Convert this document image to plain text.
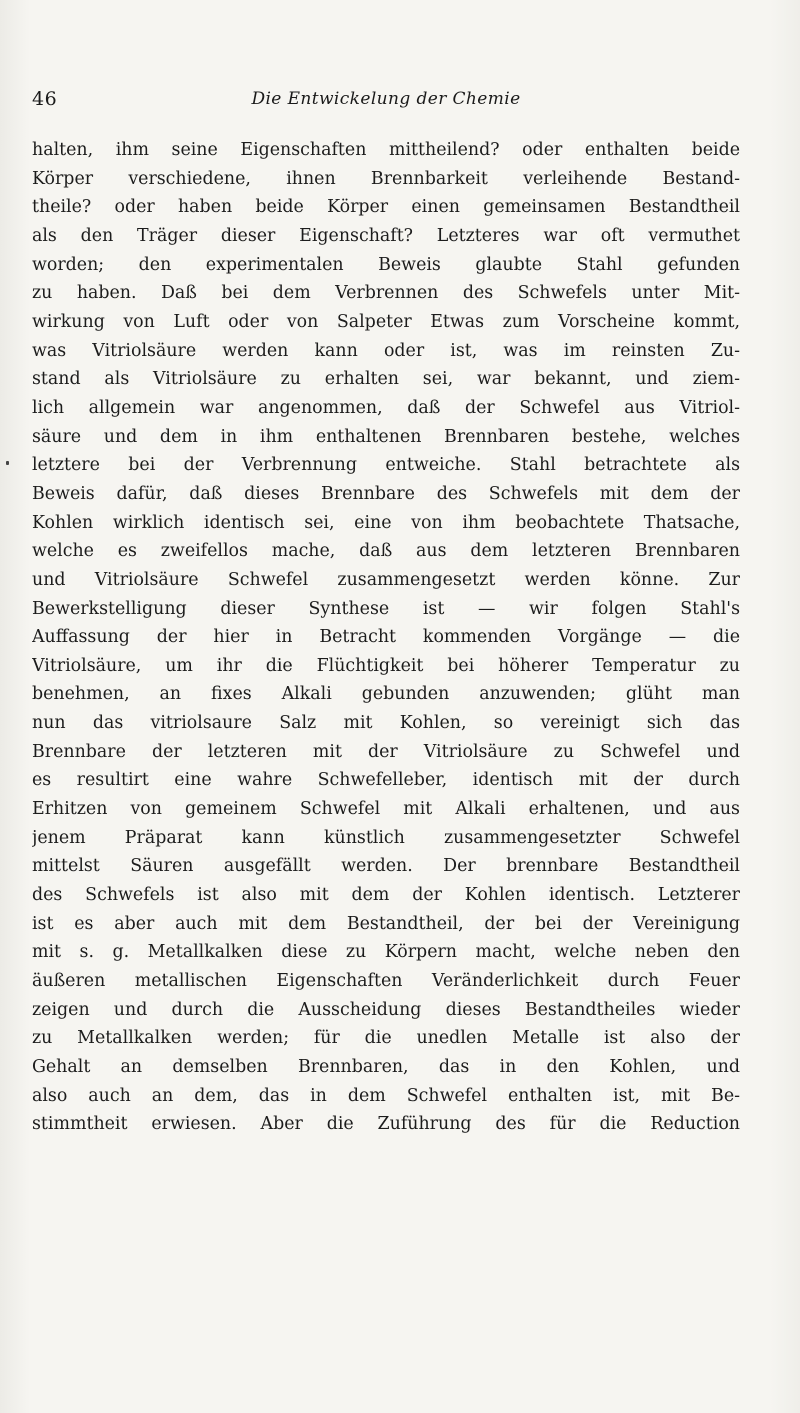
46	Die Entwickelung der Chemie
halten, ihm seine Eigenschaften mittheilend? oder enthalten beide
Körper verschiedene, ihnen Brennbarkeit verleihende Bestand-
theile? oder haben beide Körper einen gemeinsamen Bestandtheil
als den Träger dieser Eigenschaft? Letzteres war oft vermuthet
worden; den experimentalen Beweis glaubte Stahl gefunden
zu haben. Daß bei dem Verbrennen des Schwefels unter Mit-
wirkung von Luft oder von Salpeter Etwas zum Vorscheine kommt,
was Vitriolsäure werden kann oder ist, was im reinsten Zu-
stand als Vitriolsäure zu erhalten sei, war bekannt, und ziem-
lich allgemein war angenommen, daß der Schwefel aus Vitriol-
säure und dem in ihm enthaltenen Brennbaren bestehe, welches
letztere bei der Verbrennung entweiche. Stahl betrachtete als
Beweis dafür, daß dieses Brennbare des Schwefels mit dem der
Kohlen wirklich identisch sei, eine von ihm beobachtete Thatsache,
welche es zweifellos mache, daß aus dem letzteren Brennbaren
und Vitriolsäure Schwefel zusammengesetzt werden könne. Zur
Bewerkstelligung dieser Synthese ist — wir folgen Stahl's
Auffassung der hier in Betracht kommenden Vorgänge — die
Vitriolsäure, um ihr die Flüchtigkeit bei höherer Temperatur zu
benehmen, an fixes Alkali gebunden anzuwenden; glüht man
nun das vitriolsaure Salz mit Kohlen, so vereinigt sich das
Brennbare der letzteren mit der Vitriolsäure zu Schwefel und
es resultirt eine wahre Schwefelleber, identisch mit der durch
Erhitzen von gemeinem Schwefel mit Alkali erhaltenen, und aus
jenem Präparat kann künstlich zusammengesetzter Schwefel
mittelst Säuren ausgefällt werden. Der brennbare Bestandtheil
des Schwefels ist also mit dem der Kohlen identisch. Letzterer
ist es aber auch mit dem Bestandtheil, der bei der Vereinigung
mit s. g. Metallkalken diese zu Körpern macht, welche neben den
äußeren metallischen Eigenschaften Veränderlichkeit durch Feuer
zeigen und durch die Ausscheidung dieses Bestandtheiles wieder
zu Metallkalken werden; für die unedlen Metalle ist also der
Gehalt an demselben Brennbaren, das in den Kohlen, und
also auch an dem, das in dem Schwefel enthalten ist, mit Be-
stimmtheit erwiesen. Aber die Zuführung des für die Reduction
